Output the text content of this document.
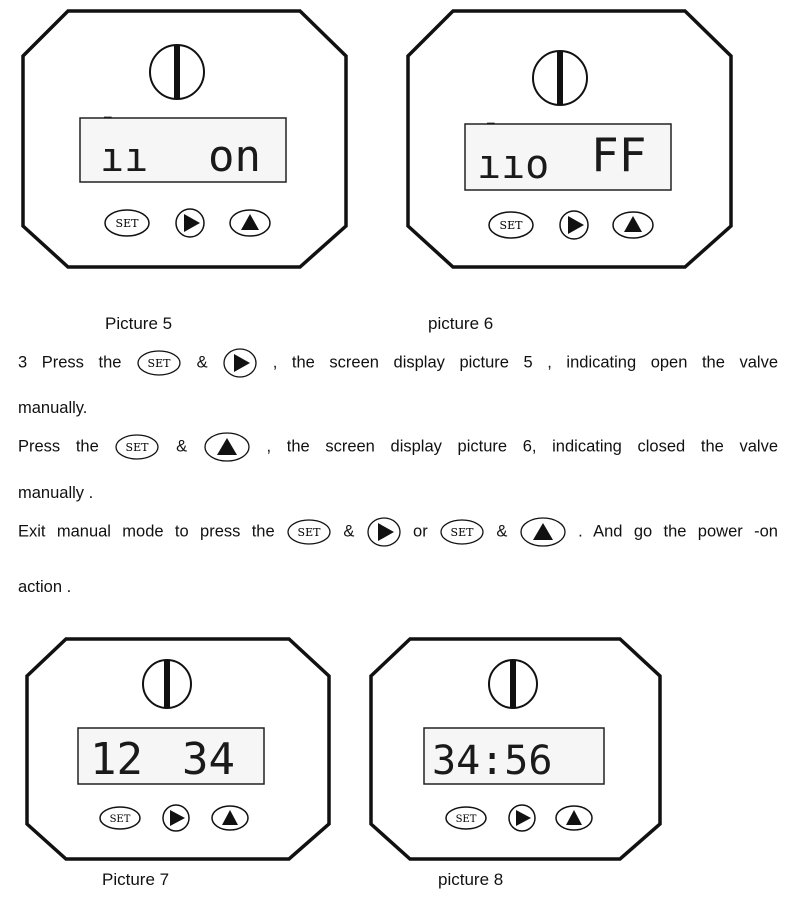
¯
ıı on
SET
¯
ııo FF
SET
Picture 5	picture 6
3 Press the SET &	, the screen display picture 5 , indicating open the valve
manually.
Press the SET &	, the screen display picture 6, indicating closed the valve
manually .
Exit manual mode to press the SET &	or SET &	. And go the power -on
action .
12 34
SET
34:56
SET
Picture 7	picture 8
